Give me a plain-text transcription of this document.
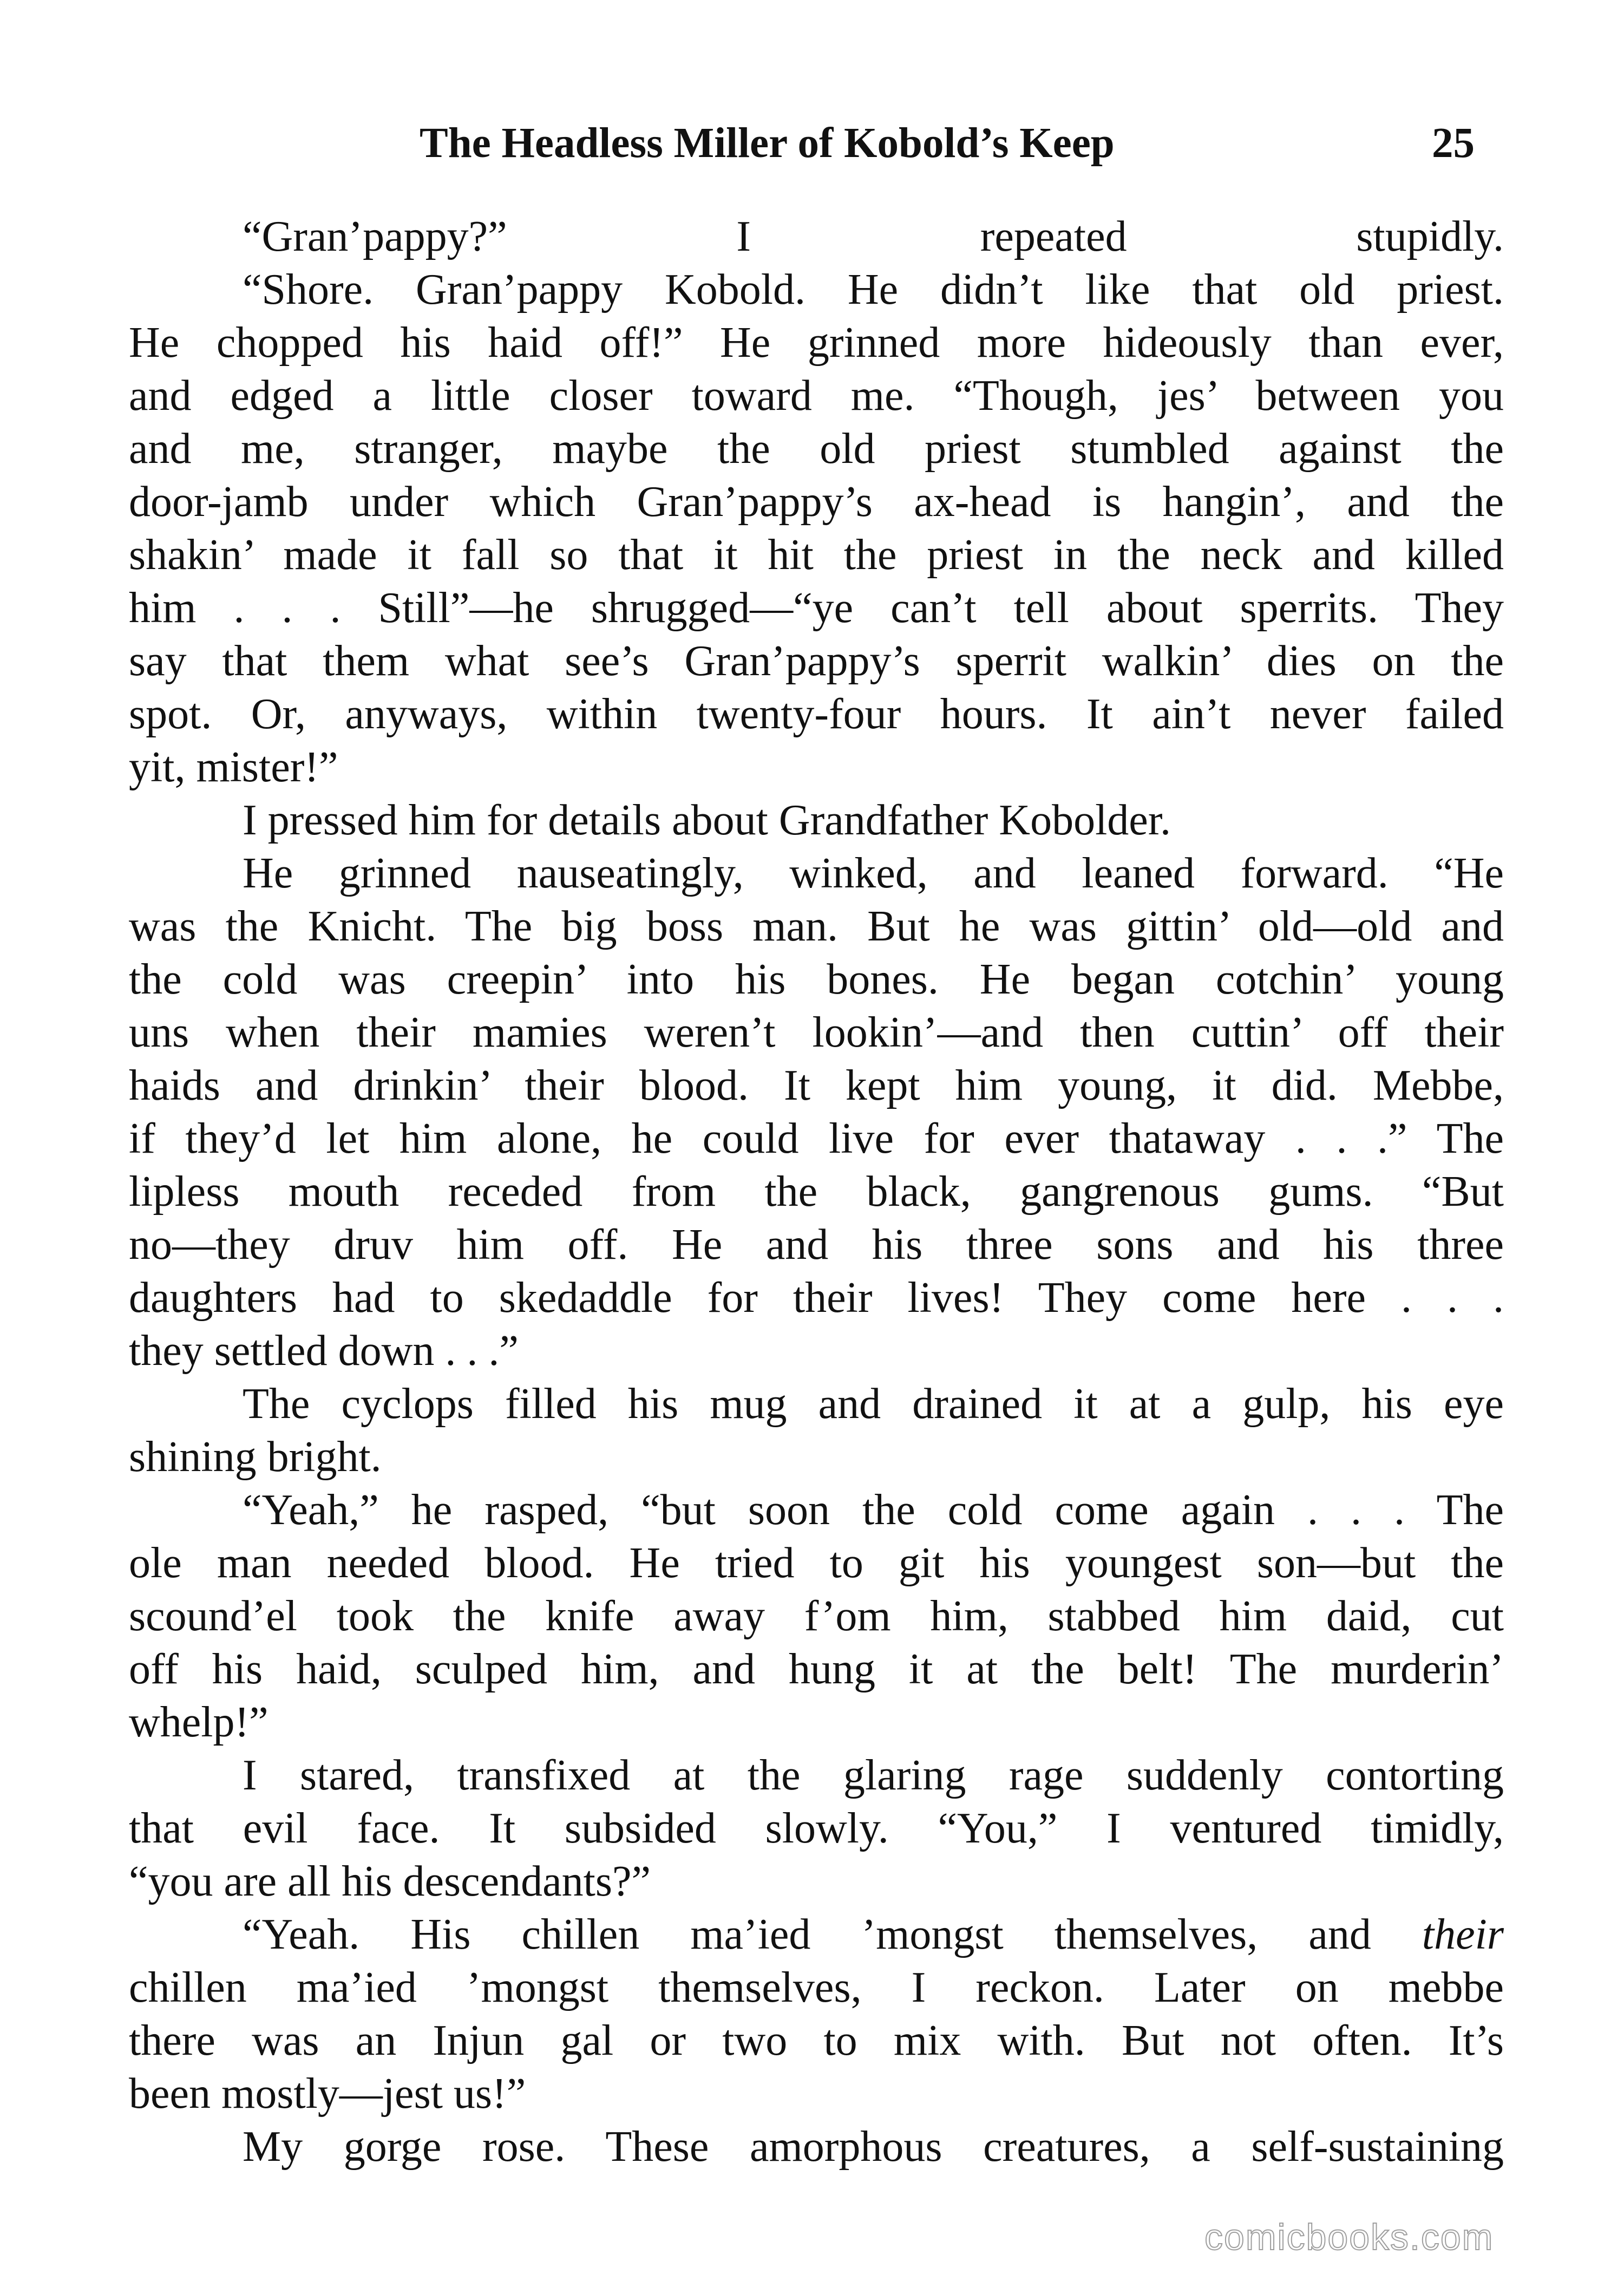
The Headless Miller of Kobold’s Keep	25
“Gran’pappy?” I repeated stupidly.
“Shore. Gran’pappy Kobold. He didn’t like that old priest.
He chopped his haid off!” He grinned more hideously than ever,
and edged a little closer toward me. “Though, jes’ between you
and me, stranger, maybe the old priest stumbled against the
door-jamb under which Gran’pappy’s ax-head is hangin’, and the
shakin’ made it fall so that it hit the priest in the neck and killed
him . . . Still”—he shrugged—“ye can’t tell about sperrits. They
say that them what see’s Gran’pappy’s sperrit walkin’ dies on the
spot. Or, anyways, within twenty-four hours. It ain’t never failed
yit, mister!”
I pressed him for details about Grandfather Kobolder.
He grinned nauseatingly, winked, and leaned forward. “He
was the Knicht. The big boss man. But he was gittin’ old—old and
the cold was creepin’ into his bones. He began cotchin’ young
uns when their mamies weren’t lookin’—and then cuttin’ off their
haids and drinkin’ their blood. It kept him young, it did. Mebbe,
if they’d let him alone, he could live for ever thataway . . .” The
lipless mouth receded from the black, gangrenous gums. “But
no—they druv him off. He and his three sons and his three
daughters had to skedaddle for their lives! They come here . . .
they settled down . . .”
The cyclops filled his mug and drained it at a gulp, his eye
shining bright.
“Yeah,” he rasped, “but soon the cold come again . . . The
ole man needed blood. He tried to git his youngest son—but the
scound’el took the knife away f’om him, stabbed him daid, cut
off his haid, sculped him, and hung it at the belt! The murderin’
whelp!”
I stared, transfixed at the glaring rage suddenly contorting
that evil face. It subsided slowly. “You,” I ventured timidly,
“you are all his descendants?”
“Yeah. His chillen ma’ied ’mongst themselves, and their
chillen ma’ied ’mongst themselves, I reckon. Later on mebbe
there was an Injun gal or two to mix with. But not often. It’s
been mostly—jest us!”
My gorge rose. These amorphous creatures, a self-sustaining
comicbooks.com
